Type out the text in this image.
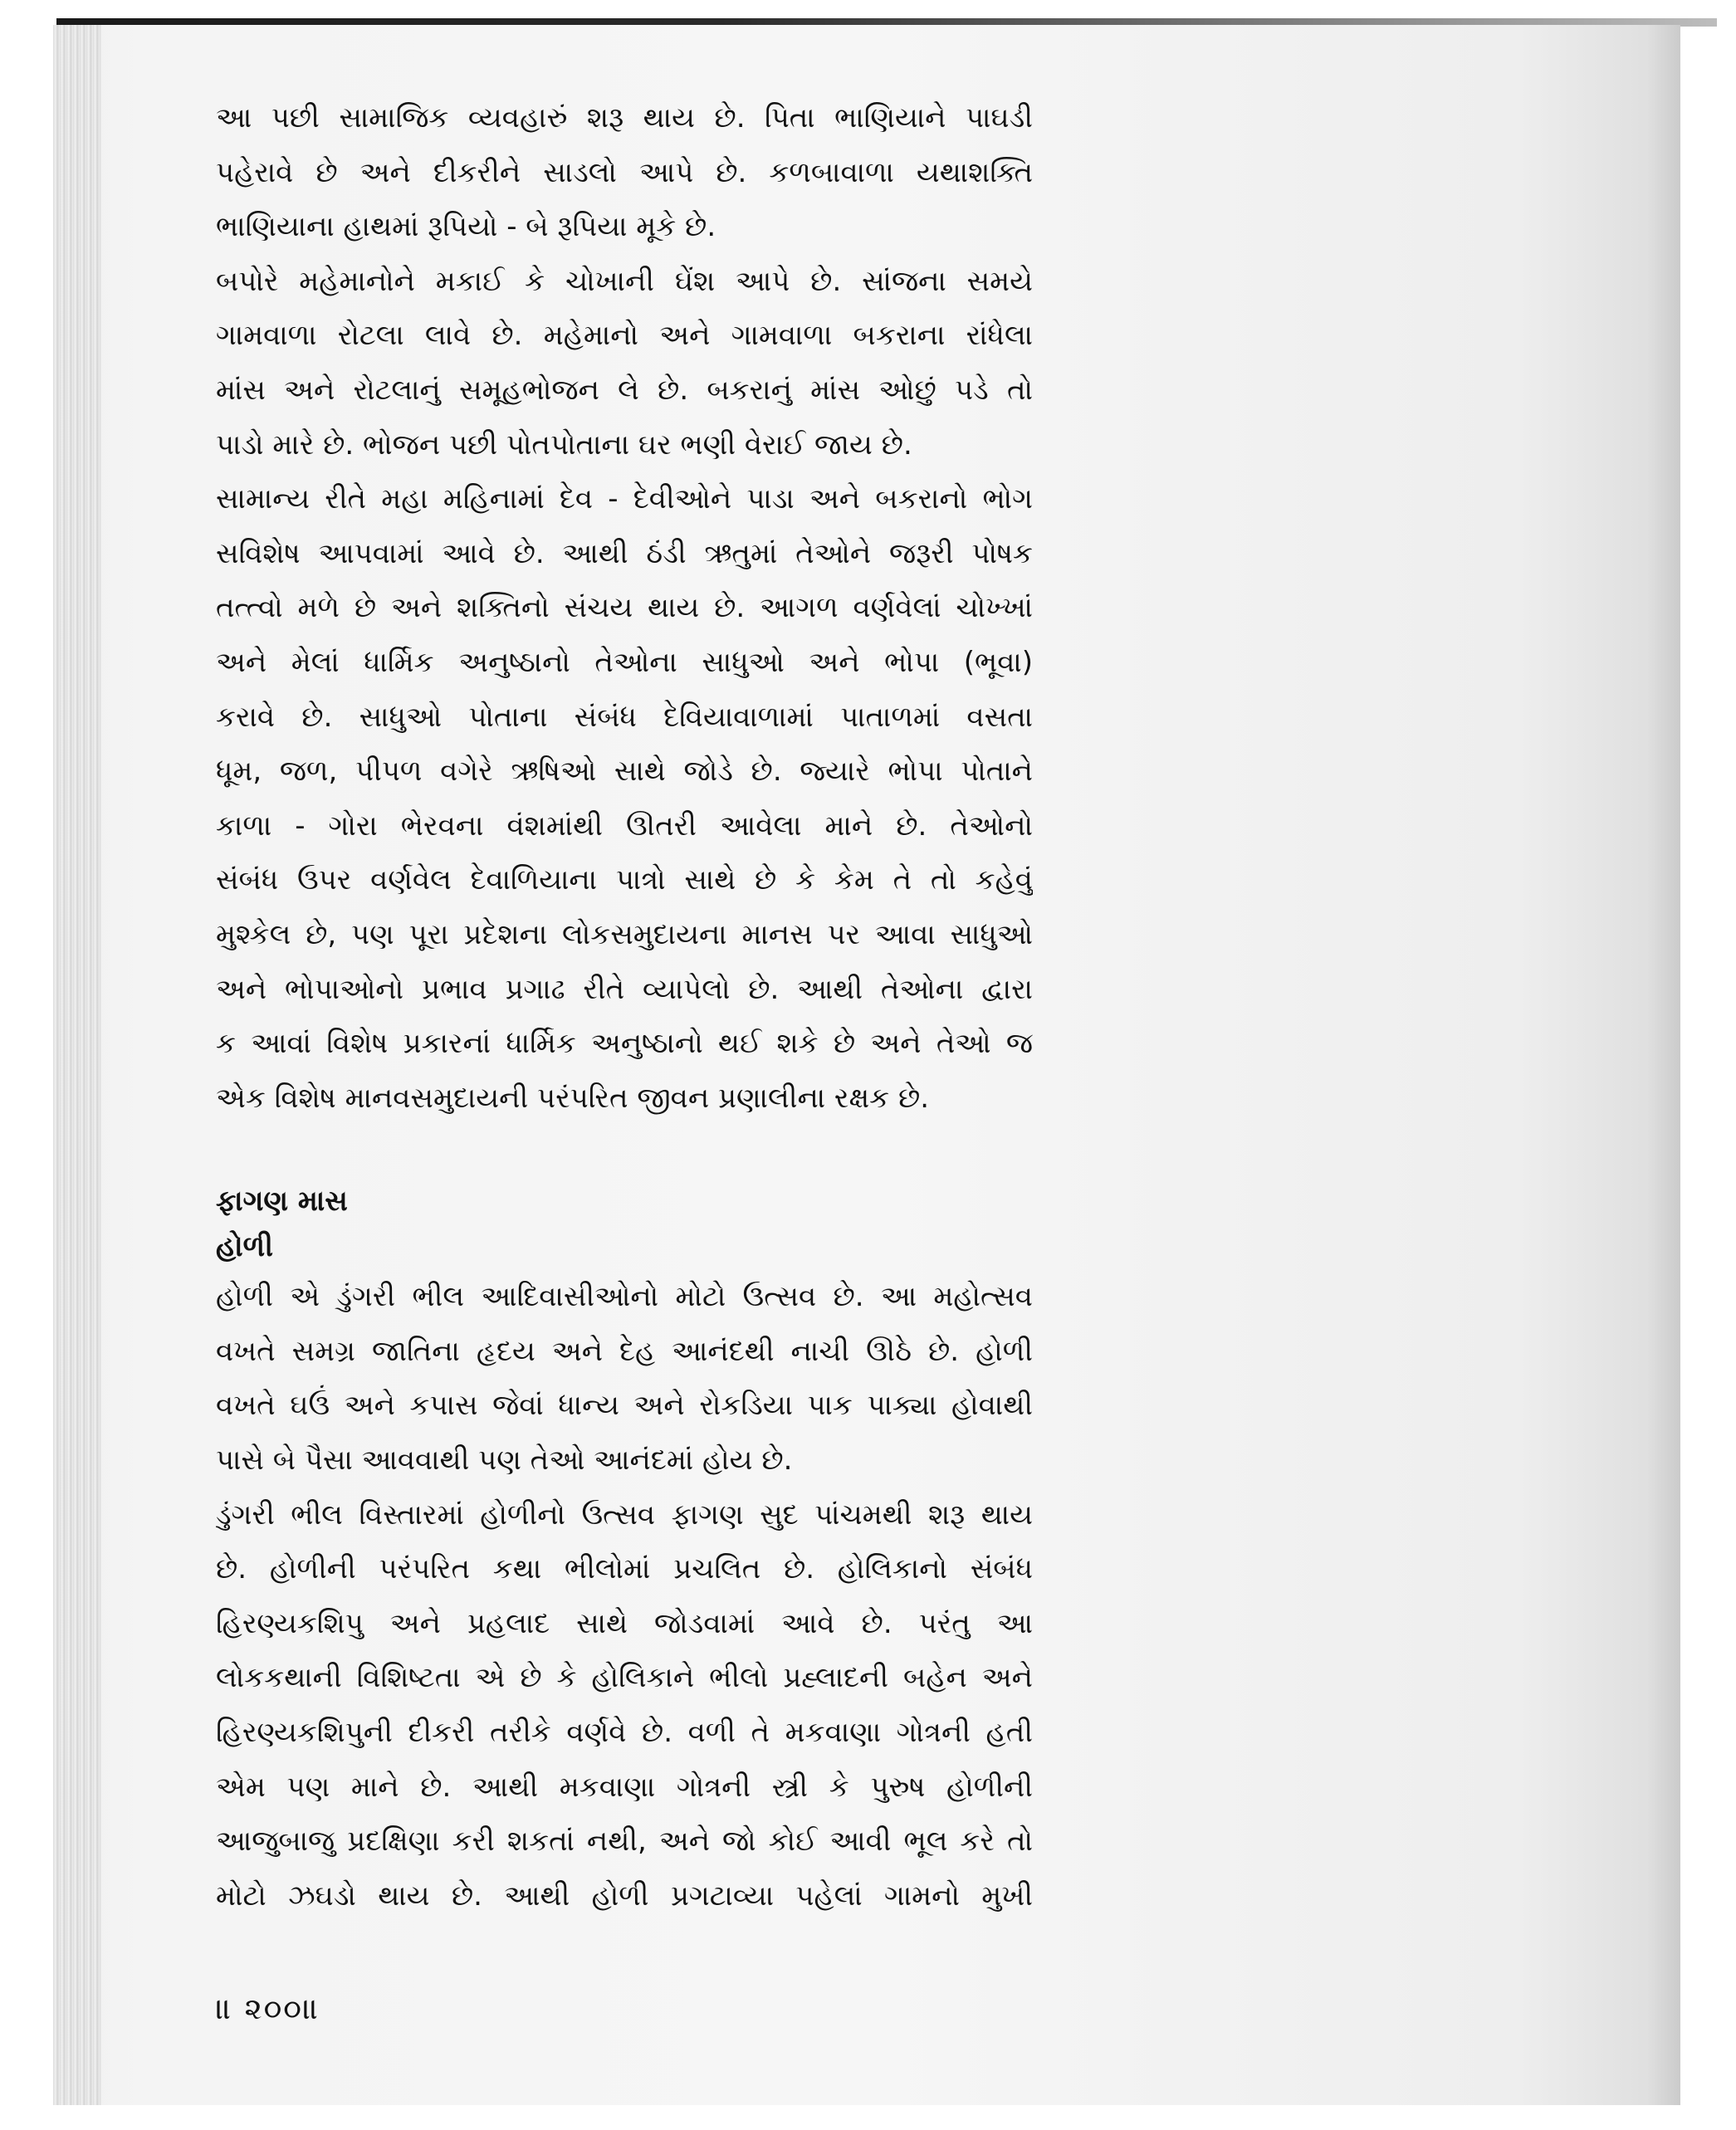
આ પછી સામાજિક વ્યવહારું શરૂ થાય છે. પિતા ભાણિયાને પાઘડી
પહેરાવે છે અને દીકરીને સાડલો આપે છે. કળબાવાળા યથાશક્તિ
ભાણિયાના હાથમાં રૂપિયો - બે રૂપિયા મૂકે છે.
બપોરે મહેમાનોને મકાઈ કે ચોખાની ઘેંશ આપે છે. સાંજના સમયે
ગામવાળા રોટલા લાવે છે. મહેમાનો અને ગામવાળા બકરાના રાંધેલા
માંસ અને રોટલાનું સમૂહભોજન લે છે. બકરાનું માંસ ઓછું પડે તો
પાડો મારે છે. ભોજન પછી પોતપોતાના ઘર ભણી વેરાઈ જાય છે.
સામાન્ય રીતે મહા મહિનામાં દેવ - દેવીઓને પાડા અને બકરાનો ભોગ
સવિશેષ આપવામાં આવે છે. આથી ઠંડી ઋતુમાં તેઓને જરૂરી પોષક
તત્ત્વો મળે છે અને શક્તિનો સંચય થાય છે. આગળ વર્ણવેલાં ચોખ્ખાં
અને મેલાં ધાર્મિક અનુષ્ઠાનો તેઓના સાધુઓ અને ભોપા (ભૂવા)
કરાવે છે. સાધુઓ પોતાના સંબંધ દેવિયાવાળામાં પાતાળમાં વસતા
ધૂમ, જળ, પીપળ વગેરે ઋષિઓ સાથે જોડે છે. જ્યારે ભોપા પોતાને
કાળા - ગોરા ભેરવના વંશમાંથી ઊતરી આવેલા માને છે. તેઓનો
સંબંધ ઉપર વર્ણવેલ દેવાળિયાના પાત્રો સાથે છે કે કેમ તે તો કહેવું
મુશ્કેલ છે, પણ પૂરા પ્રદેશના લોકસમુદાયના માનસ પર આવા સાધુઓ
અને ભોપાઓનો પ્રભાવ પ્રગાઢ રીતે વ્યાપેલો છે. આથી તેઓના દ્વારા
ક આવાં વિશેષ પ્રકારનાં ધાર્મિક અનુષ્ઠાનો થઈ શકે છે અને તેઓ જ
એક વિશેષ માનવસમુદાયની પરંપરિત જીવન પ્રણાલીના રક્ષક છે.
ફાગણ માસ
હોળી
હોળી એ ડુંગરી ભીલ આદિવાસીઓનો મોટો ઉત્સવ છે. આ મહોત્સવ
વખતે સમગ્ર જાતિના હૃદય અને દેહ આનંદથી નાચી ઊઠે છે. હોળી
વખતે ઘઉં અને કપાસ જેવાં ધાન્ય અને રોકડિયા પાક પાક્યા હોવાથી
પાસે બે પૈસા આવવાથી પણ તેઓ આનંદમાં હોય છે.
ડુંગરી ભીલ વિસ્તારમાં હોળીનો ઉત્સવ ફાગણ સુદ પાંચમથી શરૂ થાય
છે. હોળીની પરંપરિત કથા ભીલોમાં પ્રચલિત છે. હોલિકાનો સંબંધ
હિરણ્યકશિપુ અને પ્રહલાદ સાથે જોડવામાં આવે છે. પરંતુ આ
લોકકથાની વિશિષ્ટતા એ છે કે હોલિકાને ભીલો પ્રહ્લાદની બહેન અને
હિરણ્યકશિપુની દીકરી તરીકે વર્ણવે છે. વળી તે મકવાણા ગોત્રની હતી
એમ પણ માને છે. આથી મકવાણા ગોત્રની સ્ત્રી કે પુરુષ હોળીની
આજુબાજુ પ્રદક્ષિણા કરી શકતાં નથી, અને જો કોઈ આવી ભૂલ કરે તો
મોટો ઝઘડો થાય છે. આથી હોળી પ્રગટાવ્યા પહેલાં ગામનો મુખી
॥ ૨૦૦॥
